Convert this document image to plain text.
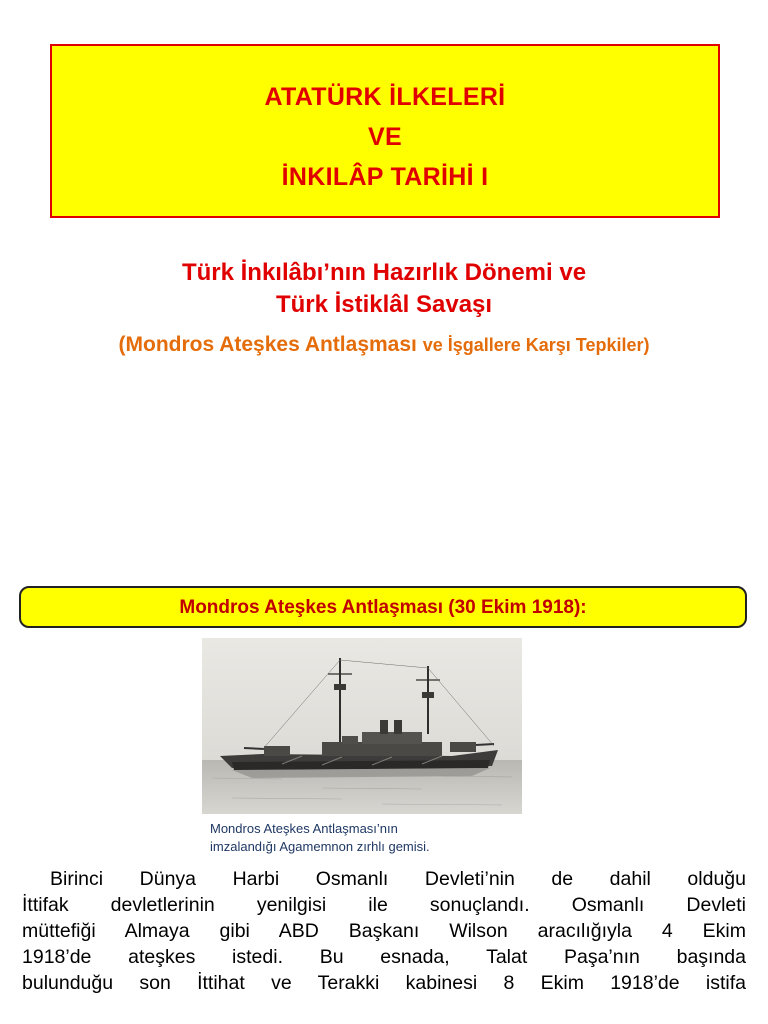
ATATÜRK İLKELERİ
VE
İNKILÂP TARİHİ I
Türk İnkılâbı’nın Hazırlık Dönemi ve
Türk İstiklâl Savaşı
(Mondros Ateşkes Antlaşması ve İşgallere Karşı Tepkiler)
Mondros Ateşkes Antlaşması (30 Ekim 1918):
Mondros Ateşkes Antlaşması’nın
imzalandığı Agamemnon zırhlı gemisi.
Birinci Dünya Harbi Osmanlı Devleti’nin de dahil olduğu
İttifak devletlerinin yenilgisi ile sonuçlandı. Osmanlı Devleti
müttefiği Almaya gibi ABD Başkanı Wilson aracılığıyla 4 Ekim
1918’de ateşkes istedi. Bu esnada, Talat Paşa’nın başında
bulunduğu son İttihat ve Terakki kabinesi 8 Ekim 1918’de istifa
